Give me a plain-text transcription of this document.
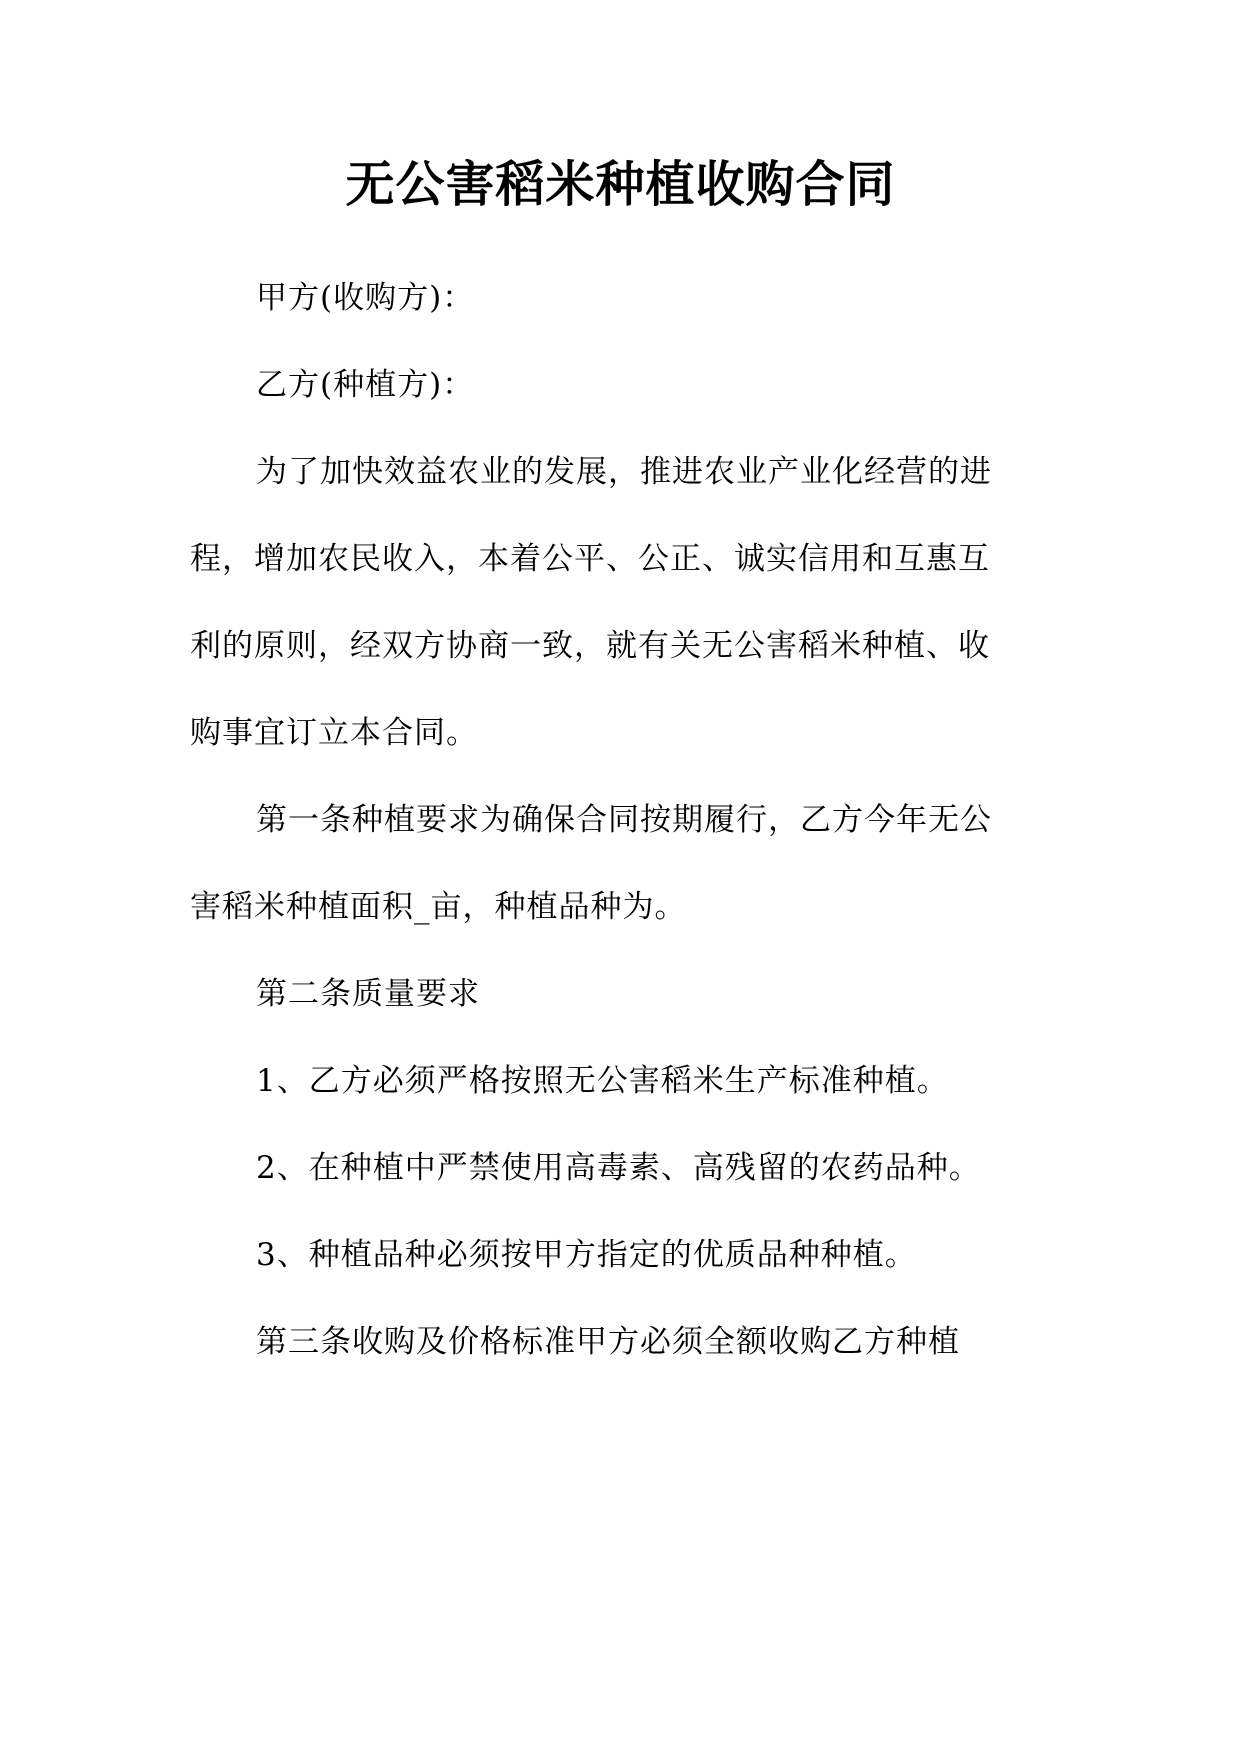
无公害稻米种植收购合同

甲方(收购方)：

乙方(种植方)：

为了加快效益农业的发展，推进农业产业化经营的进

程，增加农民收入，本着公平、公正、诚实信用和互惠互

利的原则，经双方协商一致，就有关无公害稻米种植、收

购事宜订立本合同。

第一条种植要求为确保合同按期履行，乙方今年无公

害稻米种植面积_亩，种植品种为。

第二条质量要求

1、乙方必须严格按照无公害稻米生产标准种植。

2、在种植中严禁使用高毒素、高残留的农药品种。

3、种植品种必须按甲方指定的优质品种种植。

第三条收购及价格标准甲方必须全额收购乙方种植
